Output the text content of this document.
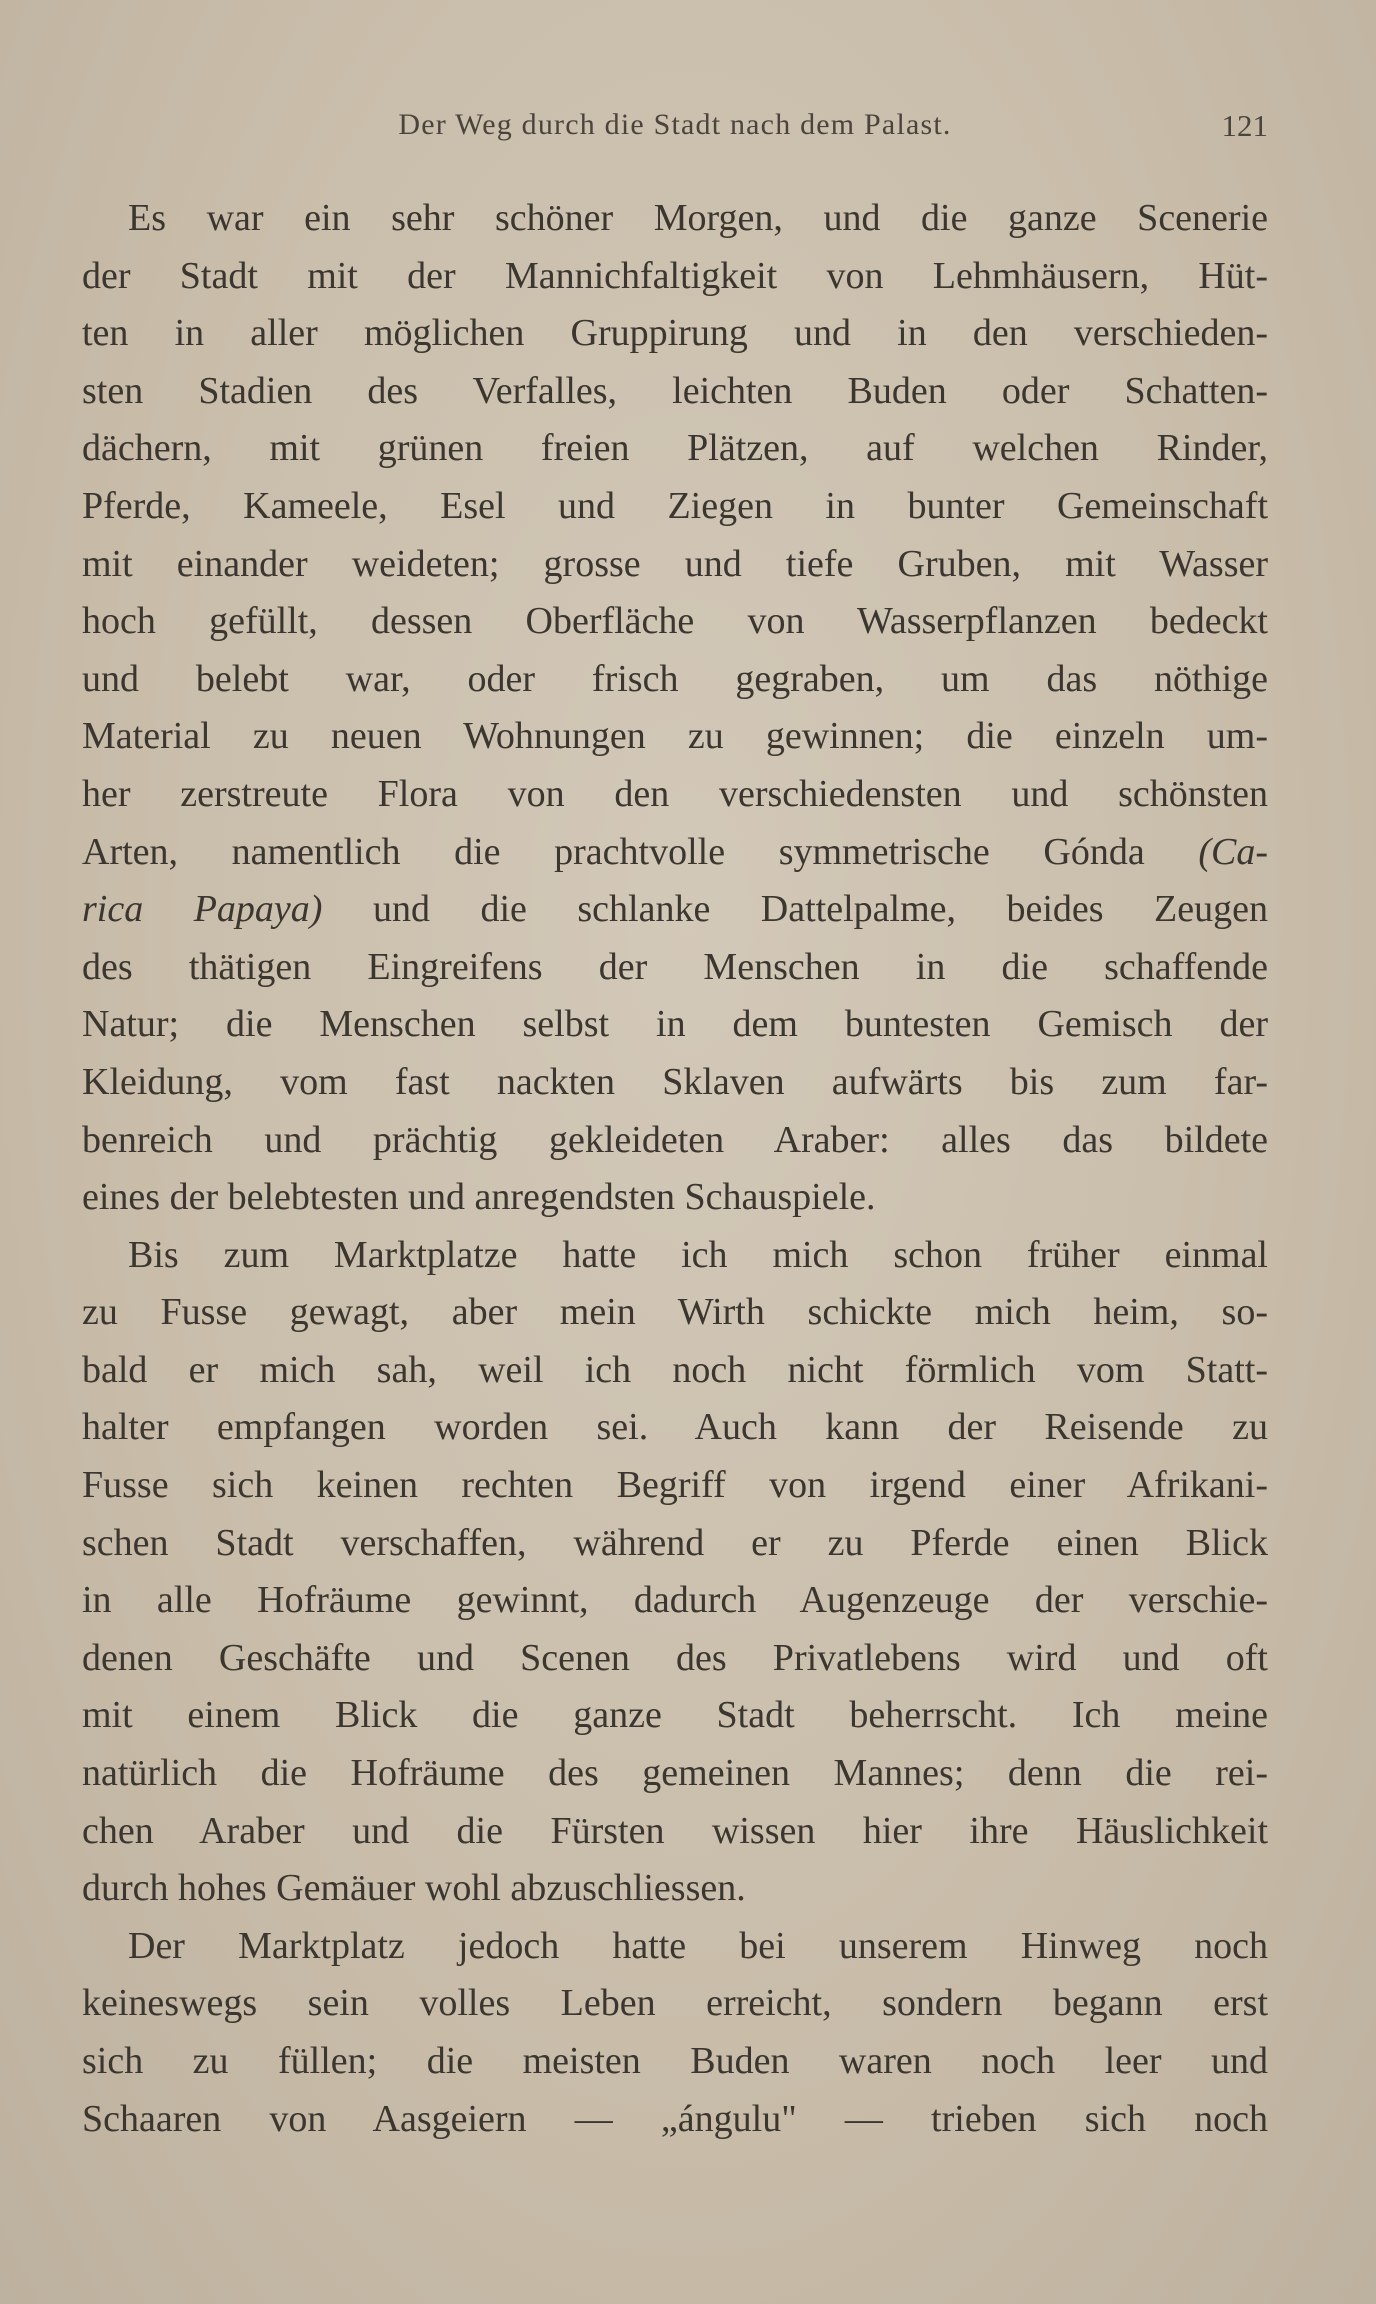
Der Weg durch die Stadt nach dem Palast.	121
Es war ein sehr schöner Morgen, und die ganze Scenerie
der Stadt mit der Mannichfaltigkeit von Lehmhäusern, Hüt-
ten in aller möglichen Gruppirung und in den verschieden-
sten Stadien des Verfalles, leichten Buden oder Schatten-
dächern, mit grünen freien Plätzen, auf welchen Rinder,
Pferde, Kameele, Esel und Ziegen in bunter Gemeinschaft
mit einander weideten; grosse und tiefe Gruben, mit Wasser
hoch gefüllt, dessen Oberfläche von Wasserpflanzen bedeckt
und belebt war, oder frisch gegraben, um das nöthige
Material zu neuen Wohnungen zu gewinnen; die einzeln um-
her zerstreute Flora von den verschiedensten und schönsten
Arten, namentlich die prachtvolle symmetrische Gónda (Ca-
rica Papaya) und die schlanke Dattelpalme, beides Zeugen
des thätigen Eingreifens der Menschen in die schaffende
Natur; die Menschen selbst in dem buntesten Gemisch der
Kleidung, vom fast nackten Sklaven aufwärts bis zum far-
benreich und prächtig gekleideten Araber: alles das bildete
eines der belebtesten und anregendsten Schauspiele.
Bis zum Marktplatze hatte ich mich schon früher einmal
zu Fusse gewagt, aber mein Wirth schickte mich heim, so-
bald er mich sah, weil ich noch nicht förmlich vom Statt-
halter empfangen worden sei. Auch kann der Reisende zu
Fusse sich keinen rechten Begriff von irgend einer Afrikani-
schen Stadt verschaffen, während er zu Pferde einen Blick
in alle Hofräume gewinnt, dadurch Augenzeuge der verschie-
denen Geschäfte und Scenen des Privatlebens wird und oft
mit einem Blick die ganze Stadt beherrscht. Ich meine
natürlich die Hofräume des gemeinen Mannes; denn die rei-
chen Araber und die Fürsten wissen hier ihre Häuslichkeit
durch hohes Gemäuer wohl abzuschliessen.
Der Marktplatz jedoch hatte bei unserem Hinweg noch
keineswegs sein volles Leben erreicht, sondern begann erst
sich zu füllen; die meisten Buden waren noch leer und
Schaaren von Aasgeiern — „ángulu" — trieben sich noch
